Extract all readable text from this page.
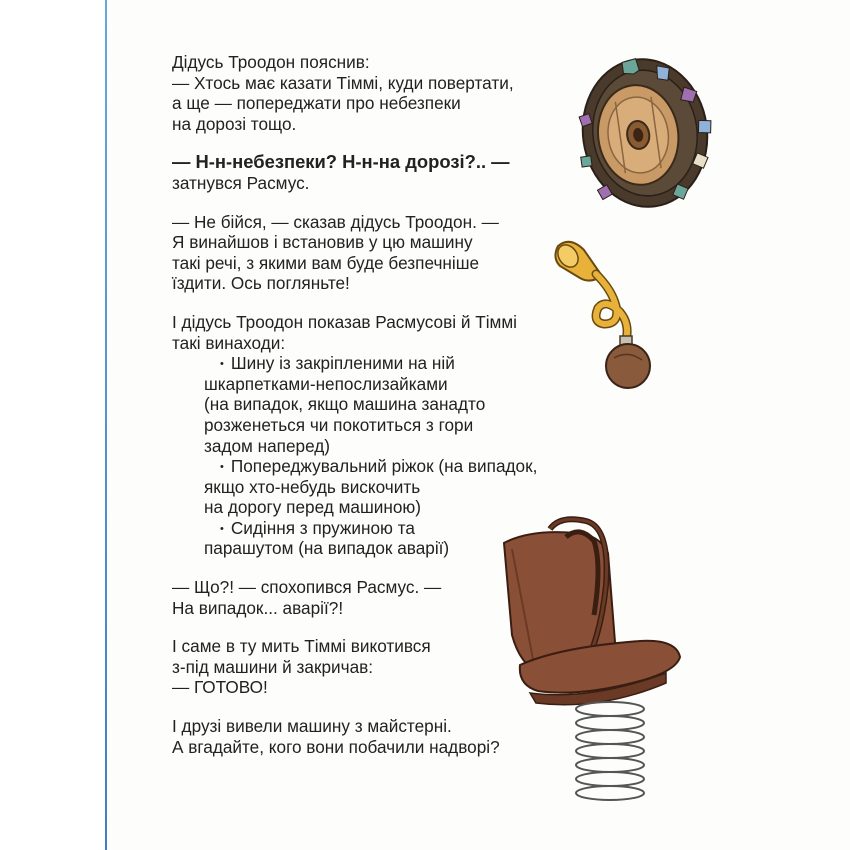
Дідусь Троодон пояснив:
— Хтось має казати Тіммі, куди повертати,
а ще — попереджати про небезпеки
на дорозі тощо.
— Н-н-небезпеки? Н-н-на дорозі?.. —
затнувся Расмус.
— Не бійся, — сказав дідусь Троодон. —
Я винайшов і встановив у цю машину
такі речі, з якими вам буде безпечніше
їздити. Ось погляньте!
І дідусь Троодон показав Расмусові й Тіммі
такі винаходи:
• Шину із закріпленими на ній
шкарпетками-непослизайками
(на випадок, якщо машина занадто
розженеться чи покотиться з гори
задом наперед)
• Попереджувальний ріжок (на випадок,
якщо хто-небудь вискочить
на дорогу перед машиною)
• Сидіння з пружиною та
парашутом (на випадок аварії)
— Що?! — спохопився Расмус. —
На випадок... аварії?!
І саме в ту мить Тіммі викотився
з-під машини й закричав:
— ГОТОВО!
І друзі вивели машину з майстерні.
А вгадайте, кого вони побачили надворі?
